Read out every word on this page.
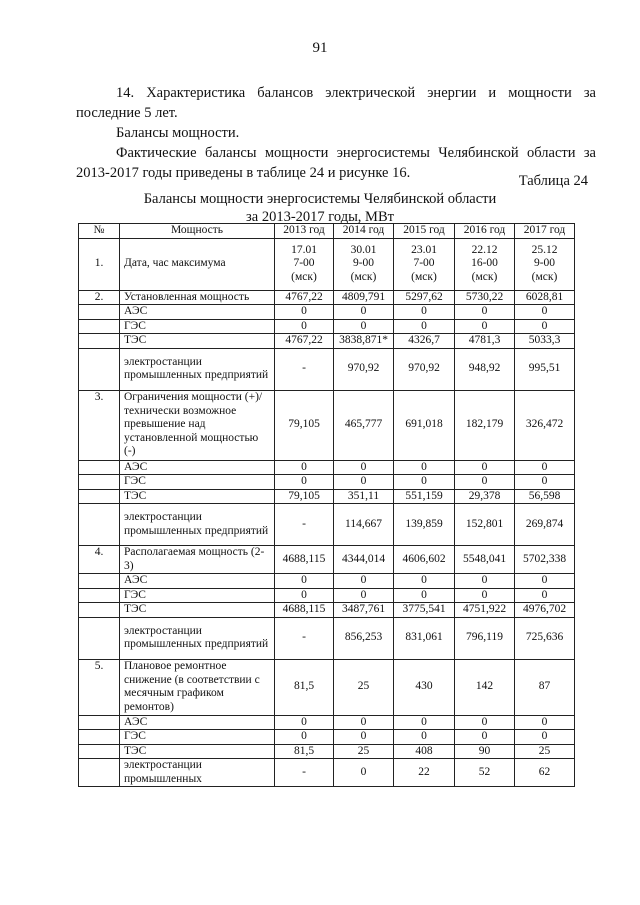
91
14. Характеристика балансов электрической энергии и мощности за последние 5 лет.
Балансы мощности.
Фактические балансы мощности энергосистемы Челябинской области за 2013-2017 годы приведены в таблице 24 и рисунке 16.	Таблица 24
Балансы мощности энергосистемы Челябинской области
за 2013-2017 годы, МВт
№	Мощность	2013 год	2014 год	2015 год	2016 год	2017 год
1.	Дата, час максимума	17.01
7-00
(мск)	30.01
9-00
(мск)	23.01
7-00
(мск)	22.12
16-00
(мск)	25.12
9-00
(мск)
2.	Установленная мощность	4767,22	4809,791	5297,62	5730,22	6028,81
	АЭС	0	0	0	0	0
	ГЭС	0	0	0	0	0
	ТЭС	4767,22	3838,871*	4326,7	4781,3	5033,3
	электростанции промышленных предприятий	-	970,92	970,92	948,92	995,51
3.	Ограничения мощности (+)/технически возможное превышение над установленной мощностью (-)	79,105	465,777	691,018	182,179	326,472
	АЭС	0	0	0	0	0
	ГЭС	0	0	0	0	0
	ТЭС	79,105	351,11	551,159	29,378	56,598
	электростанции промышленных предприятий	-	114,667	139,859	152,801	269,874
4.	Располагаемая мощность (2-3)	4688,115	4344,014	4606,602	5548,041	5702,338
	АЭС	0	0	0	0	0
	ГЭС	0	0	0	0	0
	ТЭС	4688,115	3487,761	3775,541	4751,922	4976,702
	электростанции промышленных предприятий	-	856,253	831,061	796,119	725,636
5.	Плановое ремонтное снижение (в соответствии с месячным графиком ремонтов)	81,5	25	430	142	87
	АЭС	0	0	0	0	0
	ГЭС	0	0	0	0	0
	ТЭС	81,5	25	408	90	25
	электростанции промышленных	-	0	22	52	62
